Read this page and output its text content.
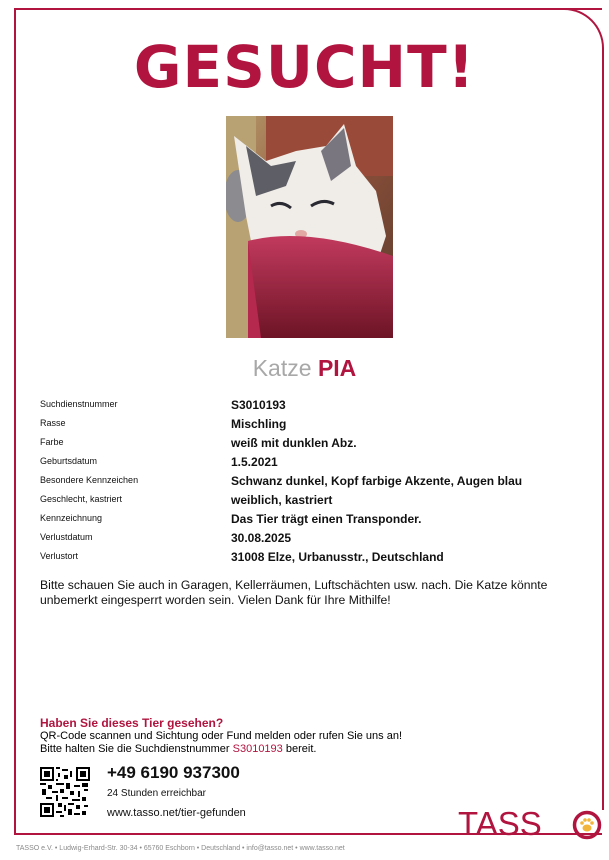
GESUCHT!
Katze PIA
Suchdienstnummer	S3010193
Rasse	Mischling
Farbe	weiß mit dunklen Abz.
Geburtsdatum	1.5.2021
Besondere Kennzeichen	Schwanz dunkel, Kopf farbige Akzente, Augen blau
Geschlecht, kastriert	weiblich, kastriert
Kennzeichnung	Das Tier trägt einen Transponder.
Verlustdatum	30.08.2025
Verlustort	31008 Elze, Urbanusstr., Deutschland
Bitte schauen Sie auch in Garagen, Kellerräumen, Luftschächten usw. nach. Die Katze könnte unbemerkt eingesperrt worden sein. Vielen Dank für Ihre Mithilfe!
Haben Sie dieses Tier gesehen?
QR-Code scannen und Sichtung oder Fund melden oder rufen Sie uns an!
Bitte halten Sie die Suchdienstnummer S3010193 bereit.
+49 6190 937300
24 Stunden erreichbar
www.tasso.net/tier-gefunden	TASS
TASSO e.V. • Ludwig-Erhard-Str. 30-34 • 65760 Eschborn • Deutschland • info@tasso.net • www.tasso.net
